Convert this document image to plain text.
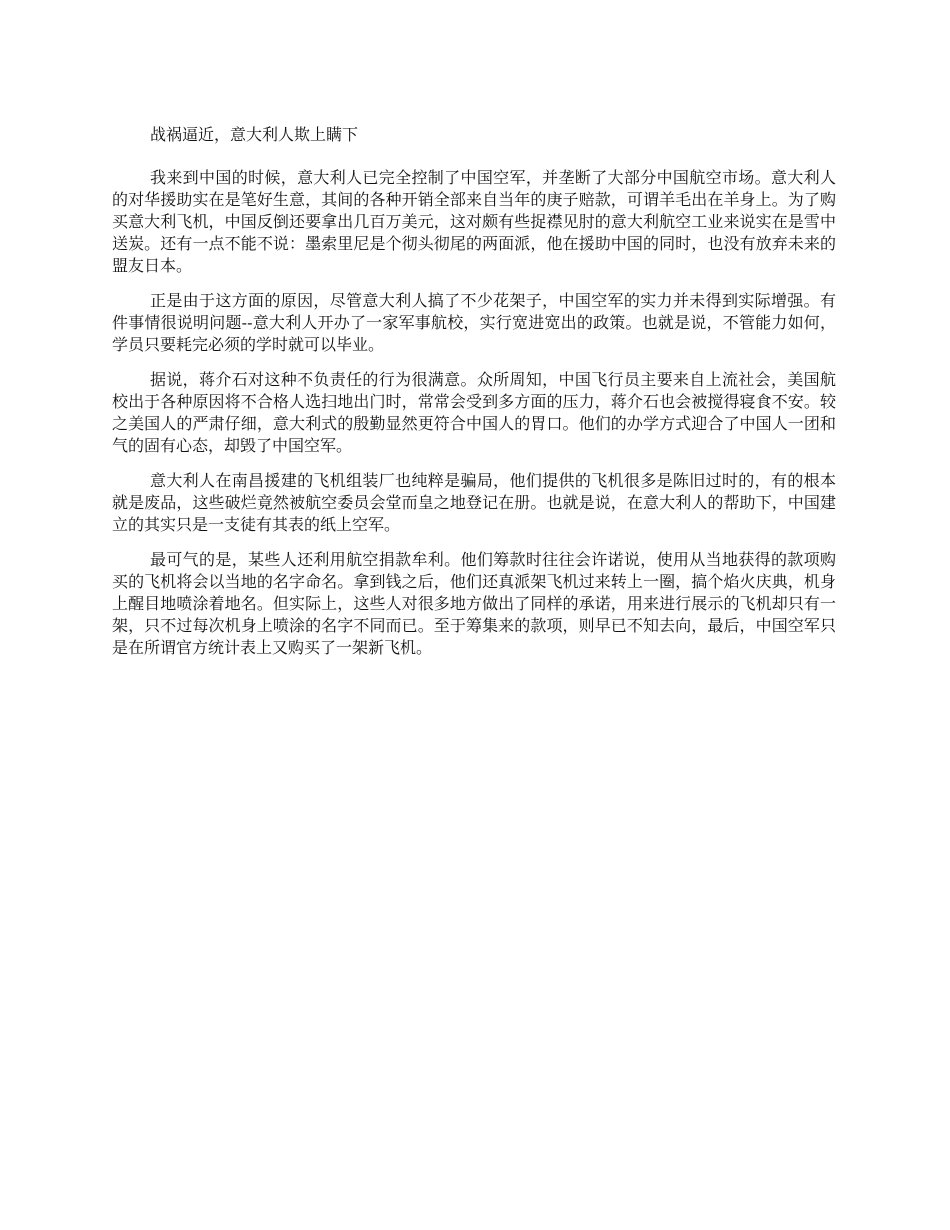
战祸逼近，意大利人欺上瞒下

我来到中国的时候，意大利人已完全控制了中国空军，并垄断了大部分中国航空市场。意大利人的对华援助实在是笔好生意，其间的各种开销全部来自当年的庚子赔款，可谓羊毛出在羊身上。为了购买意大利飞机，中国反倒还要拿出几百万美元，这对颇有些捉襟见肘的意大利航空工业来说实在是雪中送炭。还有一点不能不说：墨索里尼是个彻头彻尾的两面派，他在援助中国的同时，也没有放弃未来的盟友日本。

正是由于这方面的原因，尽管意大利人搞了不少花架子，中国空军的实力并未得到实际增强。有件事情很说明问题--意大利人开办了一家军事航校，实行宽进宽出的政策。也就是说，不管能力如何，学员只要耗完必须的学时就可以毕业。

据说，蒋介石对这种不负责任的行为很满意。众所周知，中国飞行员主要来自上流社会，美国航校出于各种原因将不合格人选扫地出门时，常常会受到多方面的压力，蒋介石也会被搅得寝食不安。较之美国人的严肃仔细，意大利式的殷勤显然更符合中国人的胃口。他们的办学方式迎合了中国人一团和气的固有心态，却毁了中国空军。

意大利人在南昌援建的飞机组装厂也纯粹是骗局，他们提供的飞机很多是陈旧过时的，有的根本就是废品，这些破烂竟然被航空委员会堂而皇之地登记在册。也就是说，在意大利人的帮助下，中国建立的其实只是一支徒有其表的纸上空军。

最可气的是，某些人还利用航空捐款牟利。他们筹款时往往会许诺说，使用从当地获得的款项购买的飞机将会以当地的名字命名。拿到钱之后，他们还真派架飞机过来转上一圈，搞个焰火庆典，机身上醒目地喷涂着地名。但实际上，这些人对很多地方做出了同样的承诺，用来进行展示的飞机却只有一架，只不过每次机身上喷涂的名字不同而已。至于筹集来的款项，则早已不知去向，最后，中国空军只是在所谓官方统计表上又购买了一架新飞机。
